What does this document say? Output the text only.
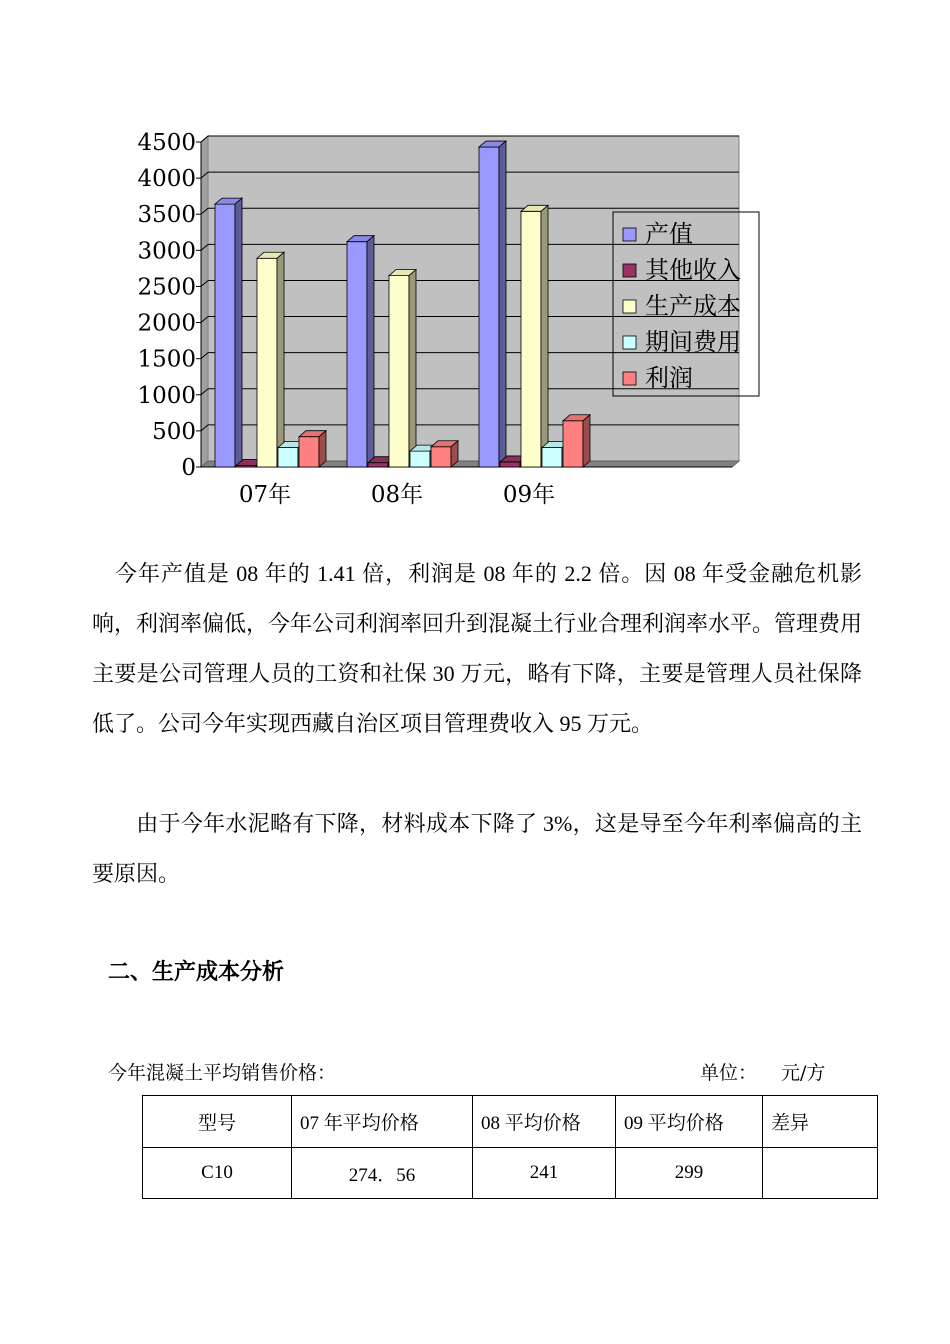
0
500
1000
1500
2000
2500
3000
3500
4000
4500
07年	08年	09年
产值
其他收入
生产成本
期间费用
利润

今年产值是 08 年的 1.41 倍，利润是 08 年的 2.2 倍。因 08 年受金融危机影响，利润率偏低，今年公司利润率回升到混凝土行业合理利润率水平。管理费用主要是公司管理人员的工资和社保 30 万元，略有下降，主要是管理人员社保降低了。公司今年实现西藏自治区项目管理费收入 95 万元。

由于今年水泥略有下降，材料成本下降了 3%，这是导至今年利率偏高的主要原因。

二、生产成本分析
今年混凝土平均销售价格：	单位： 元/方
型号	07 年平均价格	08 平均价格	09 平均价格	差异
C10	274．56	241	299	
